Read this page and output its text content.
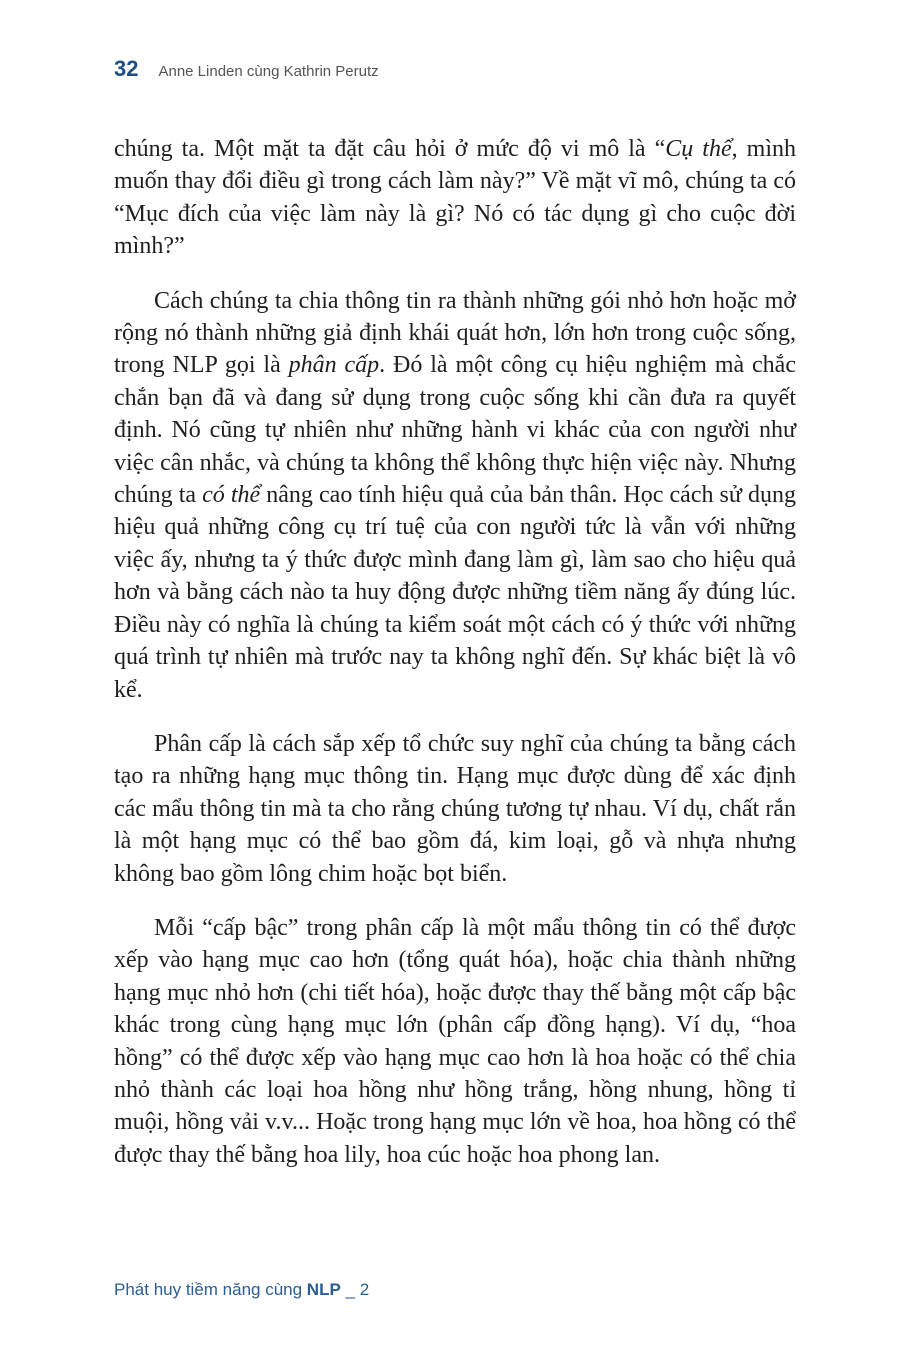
32 Anne Linden cùng Kathrin Perutz

chúng ta. Một mặt ta đặt câu hỏi ở mức độ vi mô là “Cụ thể, mình muốn thay đổi điều gì trong cách làm này?” Về mặt vĩ mô, chúng ta có “Mục đích của việc làm này là gì? Nó có tác dụng gì cho cuộc đời mình?”

Cách chúng ta chia thông tin ra thành những gói nhỏ hơn hoặc mở rộng nó thành những giả định khái quát hơn, lớn hơn trong cuộc sống, trong NLP gọi là phân cấp. Đó là một công cụ hiệu nghiệm mà chắc chắn bạn đã và đang sử dụng trong cuộc sống khi cần đưa ra quyết định. Nó cũng tự nhiên như những hành vi khác của con người như việc cân nhắc, và chúng ta không thể không thực hiện việc này. Nhưng chúng ta có thể nâng cao tính hiệu quả của bản thân. Học cách sử dụng hiệu quả những công cụ trí tuệ của con người tức là vẫn với những việc ấy, nhưng ta ý thức được mình đang làm gì, làm sao cho hiệu quả hơn và bằng cách nào ta huy động được những tiềm năng ấy đúng lúc. Điều này có nghĩa là chúng ta kiểm soát một cách có ý thức với những quá trình tự nhiên mà trước nay ta không nghĩ đến. Sự khác biệt là vô kể.

Phân cấp là cách sắp xếp tổ chức suy nghĩ của chúng ta bằng cách tạo ra những hạng mục thông tin. Hạng mục được dùng để xác định các mẩu thông tin mà ta cho rằng chúng tương tự nhau. Ví dụ, chất rắn là một hạng mục có thể bao gồm đá, kim loại, gỗ và nhựa nhưng không bao gồm lông chim hoặc bọt biển.

Mỗi “cấp bậc” trong phân cấp là một mẩu thông tin có thể được xếp vào hạng mục cao hơn (tổng quát hóa), hoặc chia thành những hạng mục nhỏ hơn (chi tiết hóa), hoặc được thay thế bằng một cấp bậc khác trong cùng hạng mục lớn (phân cấp đồng hạng). Ví dụ, “hoa hồng” có thể được xếp vào hạng mục cao hơn là hoa hoặc có thể chia nhỏ thành các loại hoa hồng như hồng trắng, hồng nhung, hồng tỉ muội, hồng vải v.v... Hoặc trong hạng mục lớn về hoa, hoa hồng có thể được thay thế bằng hoa lily, hoa cúc hoặc hoa phong lan.

Phát huy tiềm năng cùng NLP _ 2
